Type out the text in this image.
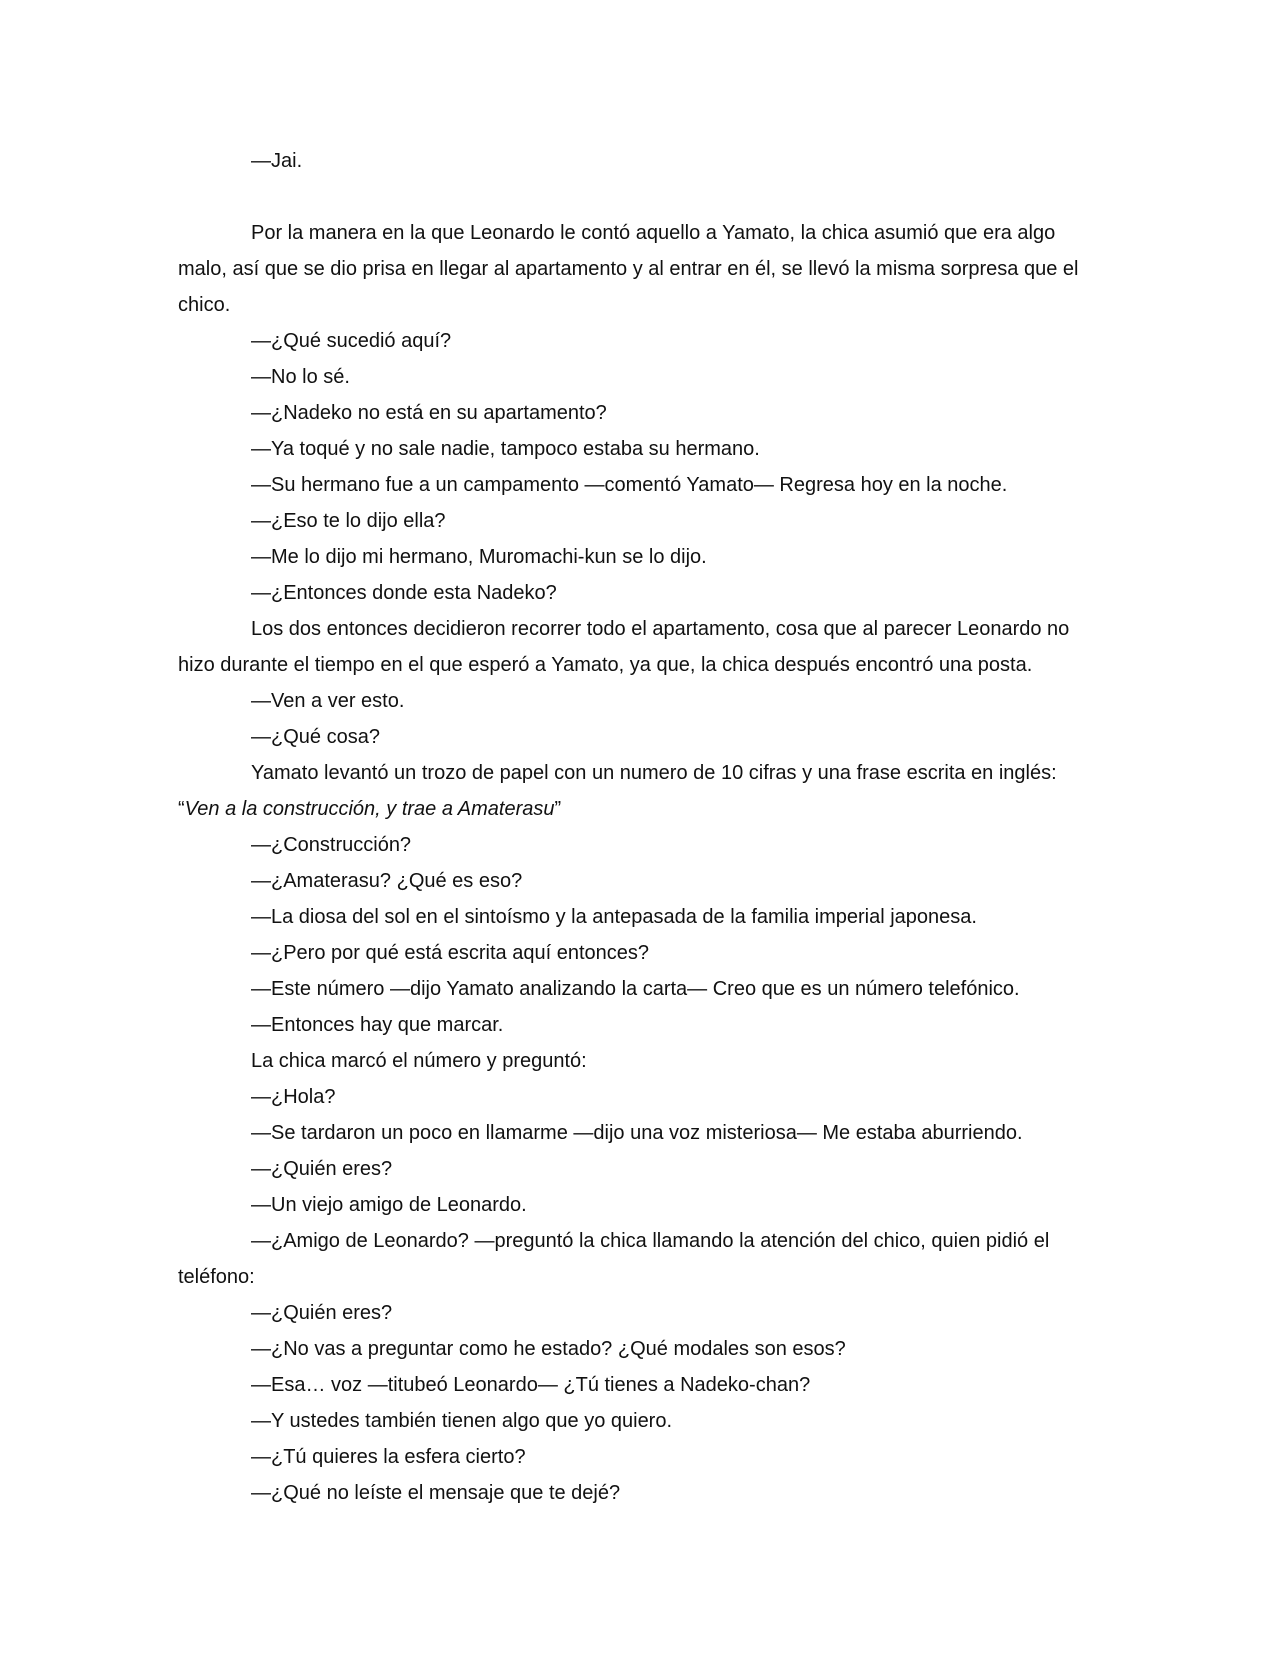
—Jai.

Por la manera en la que Leonardo le contó aquello a Yamato, la chica asumió que era algo malo, así que se dio prisa en llegar al apartamento y al entrar en él, se llevó la misma sorpresa que el chico.

—¿Qué sucedió aquí?

—No lo sé.

—¿Nadeko no está en su apartamento?

—Ya toqué y no sale nadie, tampoco estaba su hermano.

—Su hermano fue a un campamento —comentó Yamato— Regresa hoy en la noche.

—¿Eso te lo dijo ella?

—Me lo dijo mi hermano, Muromachi-kun se lo dijo.

—¿Entonces donde esta Nadeko?

Los dos entonces decidieron recorrer todo el apartamento, cosa que al parecer Leonardo no hizo durante el tiempo en el que esperó a Yamato, ya que, la chica después encontró una posta.

—Ven a ver esto.

—¿Qué cosa?

Yamato levantó un trozo de papel con un numero de 10 cifras y una frase escrita en inglés:

“Ven a la construcción, y trae a Amaterasu”

—¿Construcción?

—¿Amaterasu? ¿Qué es eso?

—La diosa del sol en el sintoísmo y la antepasada de la familia imperial japonesa.

—¿Pero por qué está escrita aquí entonces?

—Este número —dijo Yamato analizando la carta— Creo que es un número telefónico.

—Entonces hay que marcar.

La chica marcó el número y preguntó:

—¿Hola?

—Se tardaron un poco en llamarme —dijo una voz misteriosa— Me estaba aburriendo.

—¿Quién eres?

—Un viejo amigo de Leonardo.

—¿Amigo de Leonardo? —preguntó la chica llamando la atención del chico, quien pidió el teléfono:

—¿Quién eres?

—¿No vas a preguntar como he estado? ¿Qué modales son esos?

—Esa… voz —titubeó Leonardo— ¿Tú tienes a Nadeko-chan?

—Y ustedes también tienen algo que yo quiero.

—¿Tú quieres la esfera cierto?

—¿Qué no leíste el mensaje que te dejé?
